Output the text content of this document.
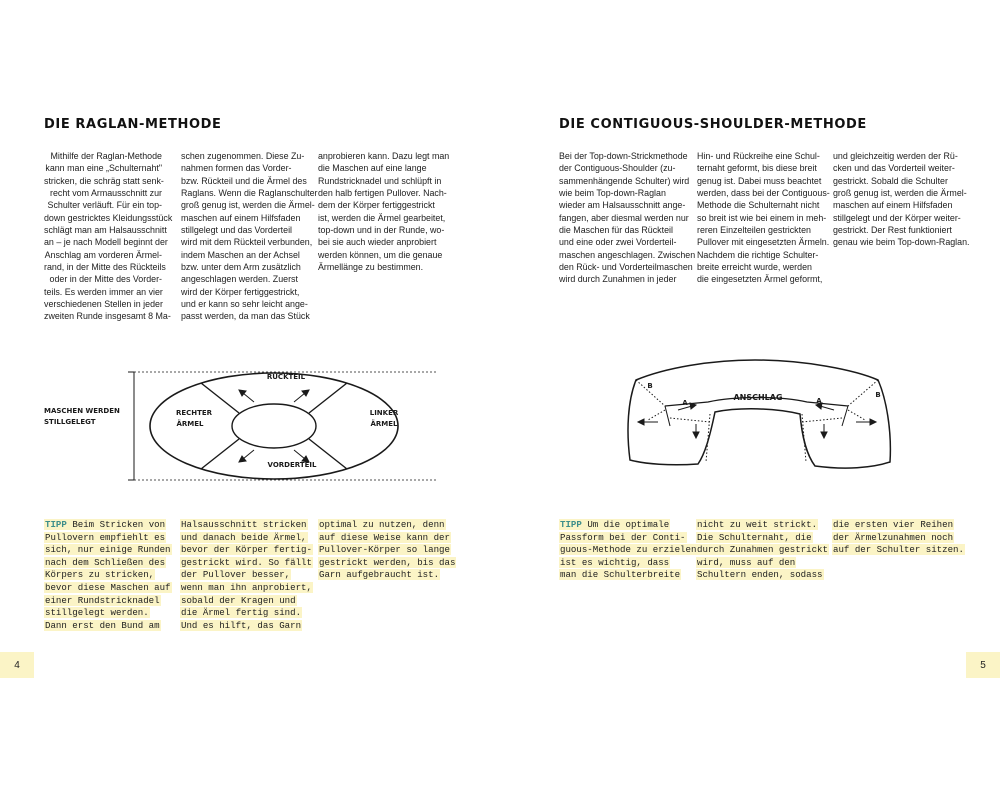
DIE RAGLAN-METHODE
Mithilfe der Raglan-Methode
kann man eine „Schulternaht"
stricken, die schräg statt senk-
recht vom Armausschnitt zur
Schulter verläuft. Für ein top-
down gestricktes Kleidungsstück
schlägt man am Halsausschnitt
an – je nach Modell beginnt der
Anschlag am vorderen Ärmel-
rand, in der Mitte des Rückteils
oder in der Mitte des Vorder-
teils. Es werden immer an vier
verschiedenen Stellen in jeder
zweiten Runde insgesamt 8 Ma-
schen zugenommen. Diese Zu-
nahmen formen das Vorder-
bzw. Rückteil und die Ärmel des
Raglans. Wenn die Raglanschulter
groß genug ist, werden die Ärmel-
maschen auf einem Hilfsfaden
stillgelegt und das Vorderteil
wird mit dem Rückteil verbunden,
indem Maschen an der Achsel
bzw. unter dem Arm zusätzlich
angeschlagen werden. Zuerst
wird der Körper fertiggestrickt,
und er kann so sehr leicht ange-
passt werden, da man das Stück
anprobieren kann. Dazu legt man
die Maschen auf eine lange
Rundstricknadel und schlüpft in
den halb fertigen Pullover. Nach-
dem der Körper fertiggestrickt
ist, werden die Ärmel gearbeitet,
top-down und in der Runde, wo-
bei sie auch wieder anprobiert
werden können, um die genaue
Ärmellänge zu bestimmen.
RÜCKTEIL
VORDERTEIL
RECHTER
ÄRMEL
LINKER
ÄRMEL
MASCHEN WERDEN
STILLGELEGT
TIPP Beim Stricken von
Pullovern empfiehlt es
sich, nur einige Runden
nach dem Schließen des
Körpers zu stricken,
bevor diese Maschen auf
einer Rundstricknadel
stillgelegt werden.
Dann erst den Bund am
Halsausschnitt stricken
und danach beide Ärmel,
bevor der Körper fertig-
gestrickt wird. So fällt
der Pullover besser,
wenn man ihn anprobiert,
sobald der Kragen und
die Ärmel fertig sind.
Und es hilft, das Garn
optimal zu nutzen, denn
auf diese Weise kann der
Pullover-Körper so lange
gestrickt werden, bis das
Garn aufgebraucht ist.
4
DIE CONTIGUOUS-SHOULDER-METHODE
Bei der Top-down-Strickmethode
der Contiguous-Shoulder (zu-
sammenhängende Schulter) wird
wie beim Top-down-Raglan
wieder am Halsausschnitt ange-
fangen, aber diesmal werden nur
die Maschen für das Rückteil
und eine oder zwei Vorderteil-
maschen angeschlagen. Zwischen
den Rück- und Vorderteilmaschen
wird durch Zunahmen in jeder
Hin- und Rückreihe eine Schul-
ternaht geformt, bis diese breit
genug ist. Dabei muss beachtet
werden, dass bei der Contiguous-
Methode die Schulternaht nicht
so breit ist wie bei einem in meh-
reren Einzelteilen gestrickten
Pullover mit eingesetzten Ärmeln.
Nachdem die richtige Schulter-
breite erreicht wurde, werden
die eingesetzten Ärmel geformt,
und gleichzeitig werden der Rü-
cken und das Vorderteil weiter-
gestrickt. Sobald die Schulter
groß genug ist, werden die Ärmel-
maschen auf einem Hilfsfaden
stillgelegt und der Körper weiter-
gestrickt. Der Rest funktioniert
genau wie beim Top-down-Raglan.
ANSCHLAG
A	A
B
B
TIPP Um die optimale
Passform bei der Conti-
guous-Methode zu erzielen
ist es wichtig, dass
man die Schulterbreite
nicht zu weit strickt.
Die Schulternaht, die
durch Zunahmen gestrickt
wird, muss auf den
Schultern enden, sodass
die ersten vier Reihen
der Ärmelzunahmen noch
auf der Schulter sitzen.
5
